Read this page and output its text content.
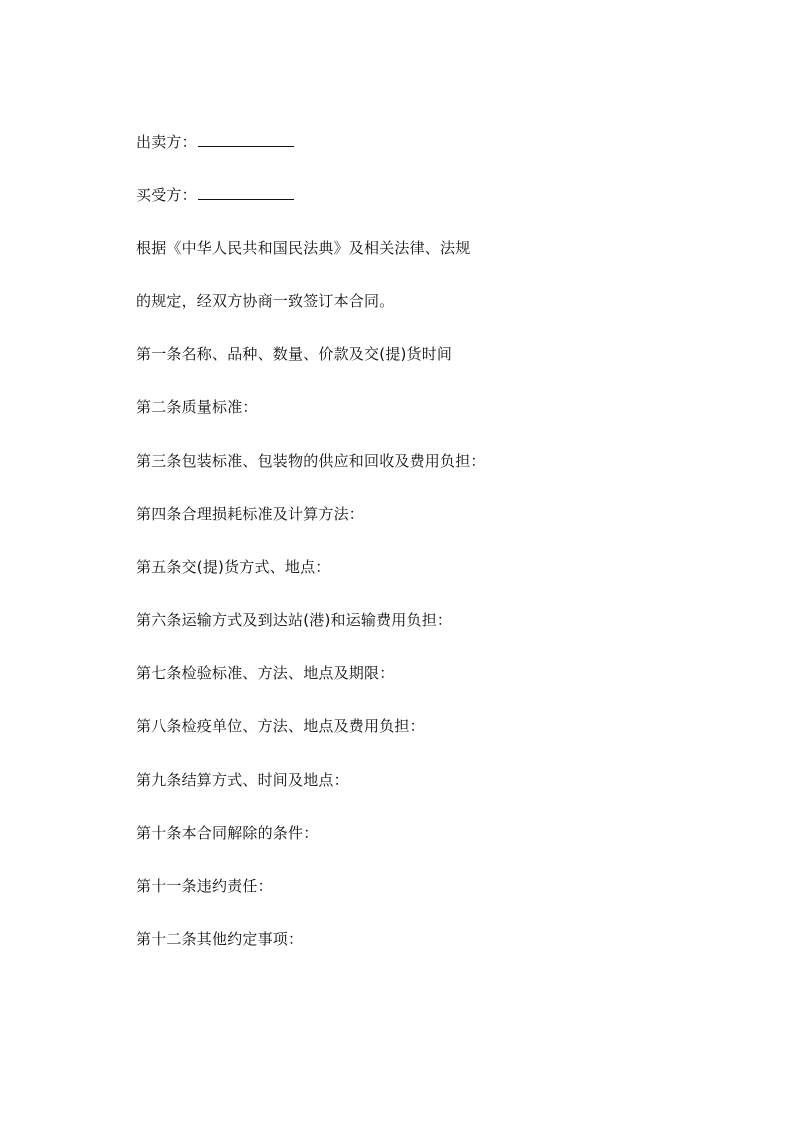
出卖方：
买受方：
根据《中华人民共和国民法典》及相关法律、法规
的规定，经双方协商一致签订本合同。
第一条名称、品种、数量、价款及交(提)货时间
第二条质量标准：
第三条包装标准、包装物的供应和回收及费用负担：
第四条合理损耗标准及计算方法：
第五条交(提)货方式、地点：
第六条运输方式及到达站(港)和运输费用负担：
第七条检验标准、方法、地点及期限：
第八条检疫单位、方法、地点及费用负担：
第九条结算方式、时间及地点：
第十条本合同解除的条件：
第十一条违约责任：
第十二条其他约定事项：
